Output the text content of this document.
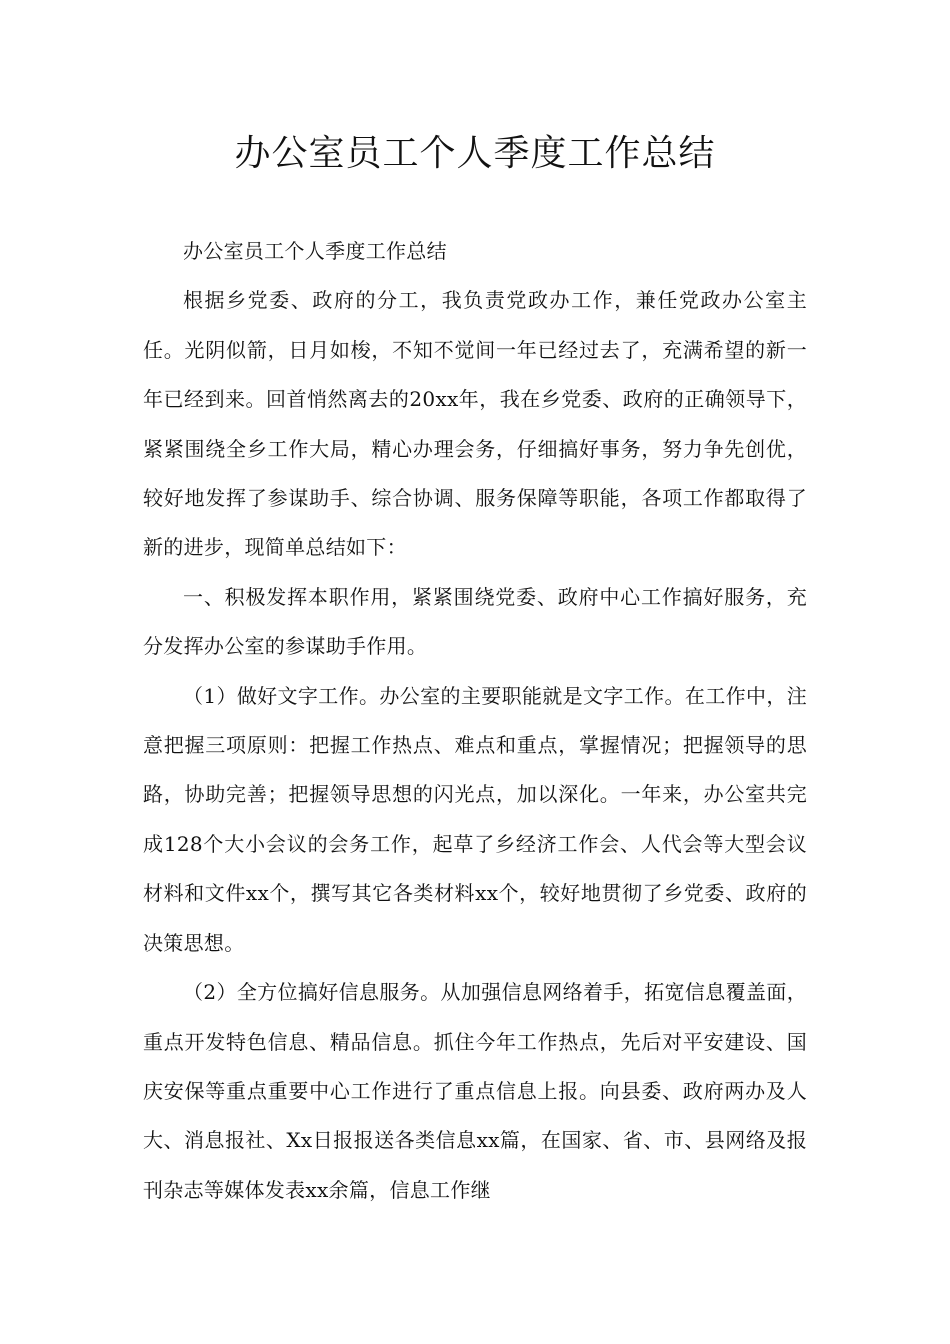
办公室员工个人季度工作总结

办公室员工个人季度工作总结

根据乡党委、政府的分工，我负责党政办工作，兼任党政办公室主任。光阴似箭，日月如梭，不知不觉间一年已经过去了，充满希望的新一年已经到来。回首悄然离去的20xx年，我在乡党委、政府的正确领导下，紧紧围绕全乡工作大局，精心办理会务，仔细搞好事务，努力争先创优，较好地发挥了参谋助手、综合协调、服务保障等职能，各项工作都取得了新的进步，现简单总结如下：

一、积极发挥本职作用，紧紧围绕党委、政府中心工作搞好服务，充分发挥办公室的参谋助手作用。

（1）做好文字工作。办公室的主要职能就是文字工作。在工作中，注意把握三项原则：把握工作热点、难点和重点，掌握情况；把握领导的思路，协助完善；把握领导思想的闪光点，加以深化。一年来，办公室共完成128个大小会议的会务工作，起草了乡经济工作会、人代会等大型会议材料和文件xx个，撰写其它各类材料xx个，较好地贯彻了乡党委、政府的决策思想。

（2）全方位搞好信息服务。从加强信息网络着手，拓宽信息覆盖面，重点开发特色信息、精品信息。抓住今年工作热点，先后对平安建设、国庆安保等重点重要中心工作进行了重点信息上报。向县委、政府两办及人大、消息报社、Xx日报报送各类信息xx篇，在国家、省、市、县网络及报刊杂志等媒体发表xx余篇，信息工作继
